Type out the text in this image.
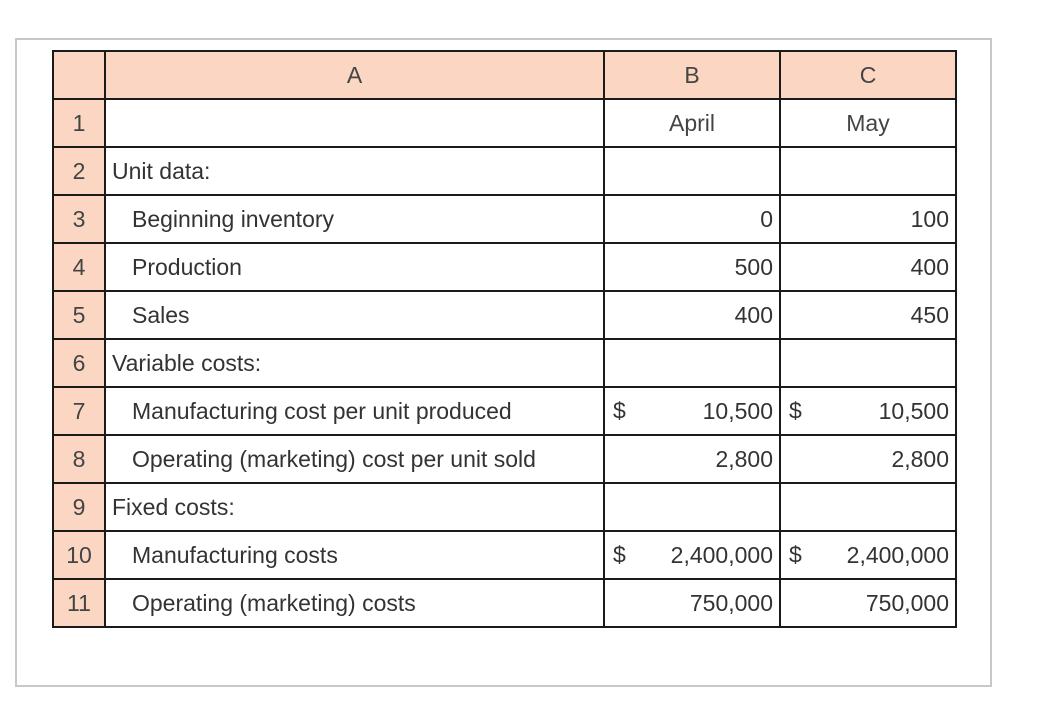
	A	B	C
1		April	May
2	Unit data:		
3	Beginning inventory	0	100
4	Production	500	400
5	Sales	400	450
6	Variable costs:		
7	Manufacturing cost per unit produced	$ 10,500	$ 10,500
8	Operating (marketing) cost per unit sold	2,800	2,800
9	Fixed costs:		
10	Manufacturing costs	$ 2,400,000	$ 2,400,000
11	Operating (marketing) costs	750,000	750,000
